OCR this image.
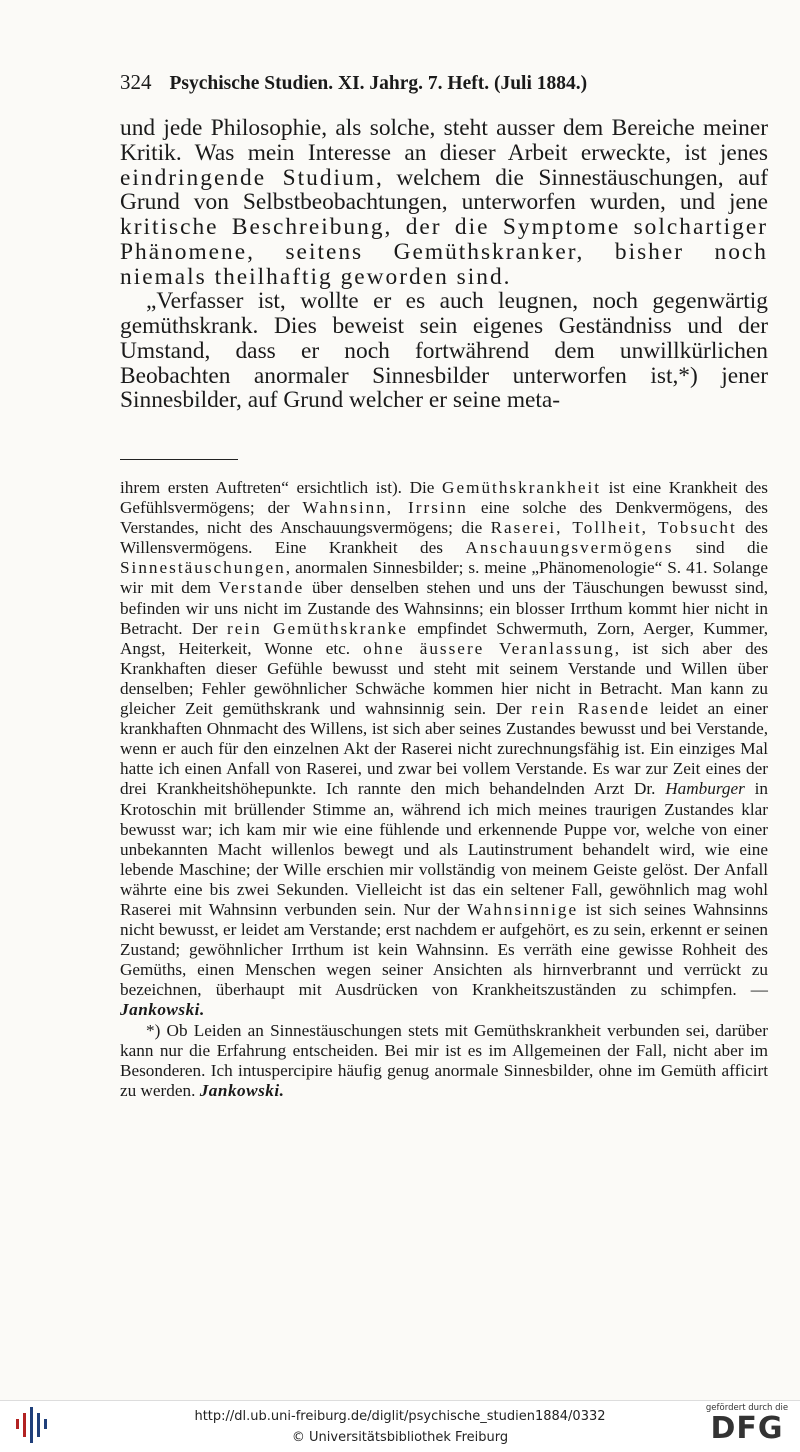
324 Psychische Studien. XI. Jahrg. 7. Heft. (Juli 1884.)

und jede Philosophie, als solche, steht ausser dem Bereiche meiner Kritik. Was mein Interesse an dieser Arbeit erweckte, ist jenes eindringende Studium, welchem die Sinnestäuschungen, auf Grund von Selbstbeobachtungen, unterworfen wurden, und jene kritische Beschreibung, der die Symptome solchartiger Phänomene, seitens Gemüthskranker, bisher noch niemals theilhaftig geworden sind.

„Verfasser ist, wollte er es auch leugnen, noch gegenwärtig gemüthskrank. Dies beweist sein eigenes Geständniss und der Umstand, dass er noch fortwährend dem unwillkürlichen Beobachten anormaler Sinnesbilder unterworfen ist,*) jener Sinnesbilder, auf Grund welcher er seine meta-

ihrem ersten Auftreten“ ersichtlich ist). Die Gemüthskrankheit ist eine Krankheit des Gefühlsvermögens; der Wahnsinn, Irrsinn eine solche des Denkvermögens, des Verstandes, nicht des Anschauungsvermögens; die Raserei, Tollheit, Tobsucht des Willensvermögens. Eine Krankheit des Anschauungsvermögens sind die Sinnestäuschungen, anormalen Sinnesbilder; s. meine „Phänomenologie“ S. 41. Solange wir mit dem Verstande über denselben stehen und uns der Täuschungen bewusst sind, befinden wir uns nicht im Zustande des Wahnsinns; ein blosser Irrthum kommt hier nicht in Betracht. Der rein Gemüthskranke empfindet Schwermuth, Zorn, Aerger, Kummer, Angst, Heiterkeit, Wonne etc. ohne äussere Veranlassung, ist sich aber des Krankhaften dieser Gefühle bewusst und steht mit seinem Verstande und Willen über denselben; Fehler gewöhnlicher Schwäche kommen hier nicht in Betracht. Man kann zu gleicher Zeit gemüthskrank und wahnsinnig sein. Der rein Rasende leidet an einer krankhaften Ohnmacht des Willens, ist sich aber seines Zustandes bewusst und bei Verstande, wenn er auch für den einzelnen Akt der Raserei nicht zurechnungsfähig ist. Ein einziges Mal hatte ich einen Anfall von Raserei, und zwar bei vollem Verstande. Es war zur Zeit eines der drei Krankheitshöhepunkte. Ich rannte den mich behandelnden Arzt Dr. Hamburger in Krotoschin mit brüllender Stimme an, während ich mich meines traurigen Zustandes klar bewusst war; ich kam mir wie eine fühlende und erkennende Puppe vor, welche von einer unbekannten Macht willenlos bewegt und als Lautinstrument behandelt wird, wie eine lebende Maschine; der Wille erschien mir vollständig von meinem Geiste gelöst. Der Anfall währte eine bis zwei Sekunden. Vielleicht ist das ein seltener Fall, gewöhnlich mag wohl Raserei mit Wahnsinn verbunden sein. Nur der Wahnsinnige ist sich seines Wahnsinns nicht bewusst, er leidet am Verstande; erst nachdem er aufgehört, es zu sein, erkennt er seinen Zustand; gewöhnlicher Irrthum ist kein Wahnsinn. Es verräth eine gewisse Rohheit des Gemüths, einen Menschen wegen seiner Ansichten als hirnverbrannt und verrückt zu bezeichnen, überhaupt mit Ausdrücken von Krankheitszuständen zu schimpfen. — Jankowski.

*) Ob Leiden an Sinnestäuschungen stets mit Gemüthskrankheit verbunden sei, darüber kann nur die Erfahrung entscheiden. Bei mir ist es im Allgemeinen der Fall, nicht aber im Besonderen. Ich intuspercipire häufig genug anormale Sinnesbilder, ohne im Gemüth afficirt zu werden. Jankowski.

http://dl.ub.uni-freiburg.de/diglit/psychische_studien1884/0332
© Universitätsbibliothek Freiburg
gefördert durch die
DFG
